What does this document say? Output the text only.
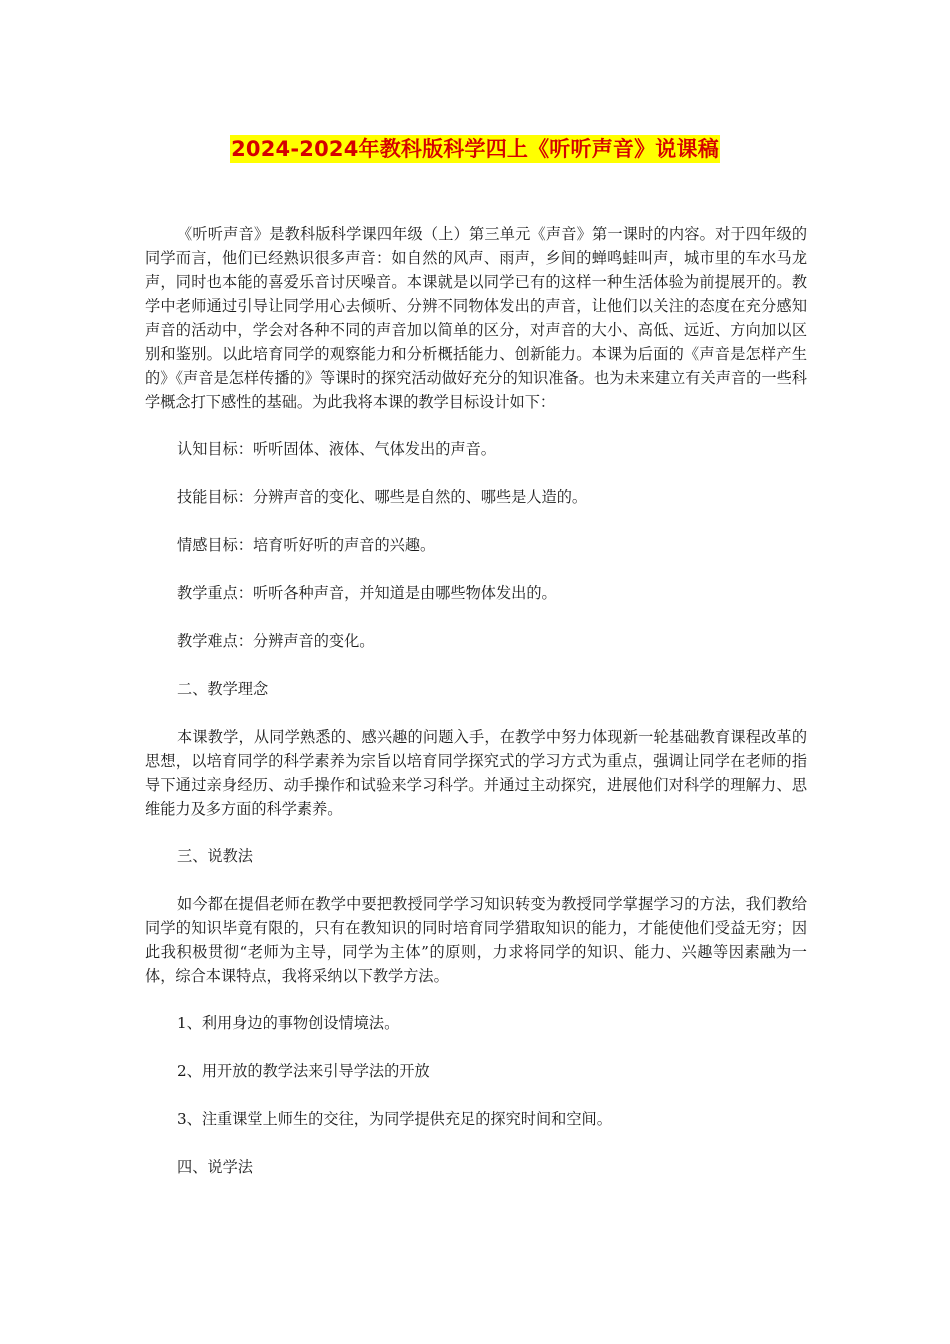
2024-2024年教科版科学四上《听听声音》说课稿

《听听声音》是教科版科学课四年级（上）第三单元《声音》第一课时的内容。对于四年级的同学而言，他们已经熟识很多声音：如自然的风声、雨声，乡间的蝉鸣蛙叫声，城市里的车水马龙声，同时也本能的喜爱乐音讨厌噪音。本课就是以同学已有的这样一种生活体验为前提展开的。教学中老师通过引导让同学用心去倾听、分辨不同物体发出的声音，让他们以关注的态度在充分感知声音的活动中，学会对各种不同的声音加以简单的区分，对声音的大小、高低、远近、方向加以区别和鉴别。以此培育同学的观察能力和分析概括能力、创新能力。本课为后面的《声音是怎样产生的》《声音是怎样传播的》等课时的探究活动做好充分的知识准备。也为未来建立有关声音的一些科学概念打下感性的基础。为此我将本课的教学目标设计如下：

认知目标：听听固体、液体、气体发出的声音。

技能目标：分辨声音的变化、哪些是自然的、哪些是人造的。

情感目标：培育听好听的声音的兴趣。

教学重点：听听各种声音，并知道是由哪些物体发出的。

教学难点：分辨声音的变化。

二、教学理念

本课教学，从同学熟悉的、感兴趣的问题入手，在教学中努力体现新一轮基础教育课程改革的思想，以培育同学的科学素养为宗旨以培育同学探究式的学习方式为重点，强调让同学在老师的指导下通过亲身经历、动手操作和试验来学习科学。并通过主动探究，进展他们对科学的理解力、思维能力及多方面的科学素养。

三、说教法

如今都在提倡老师在教学中要把教授同学学习知识转变为教授同学掌握学习的方法，我们教给同学的知识毕竟有限的，只有在教知识的同时培育同学猎取知识的能力，才能使他们受益无穷；因此我积极贯彻“老师为主导，同学为主体”的原则，力求将同学的知识、能力、兴趣等因素融为一体，综合本课特点，我将采纳以下教学方法。

1、利用身边的事物创设情境法。

2、用开放的教学法来引导学法的开放

3、注重课堂上师生的交往，为同学提供充足的探究时间和空间。

四、说学法
